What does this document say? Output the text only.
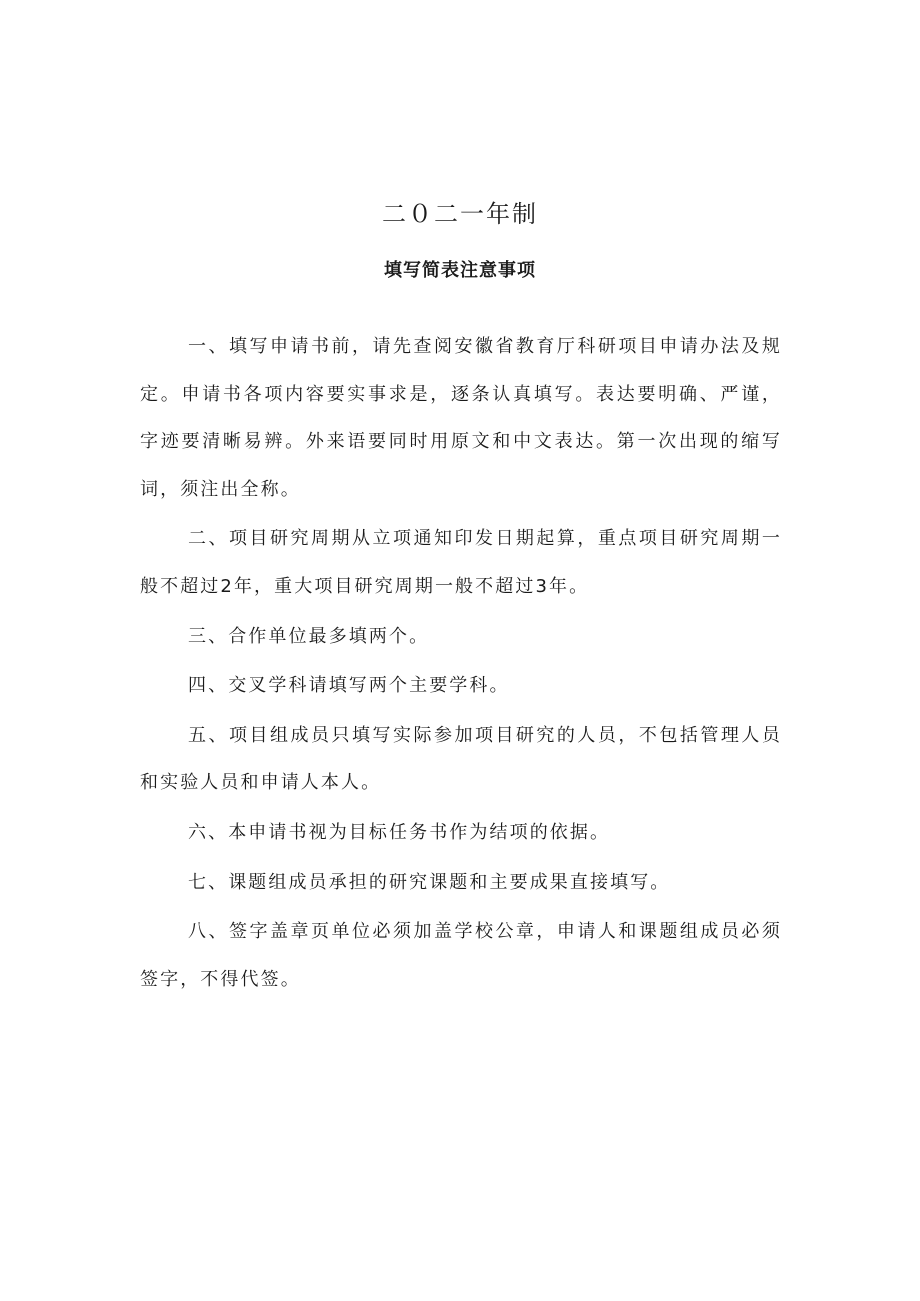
二０二一年制
填写简表注意事项

一、填写申请书前，请先查阅安徽省教育厅科研项目申请办法及规定。申请书各项内容要实事求是，逐条认真填写。表达要明确、严谨，字迹要清晰易辨。外来语要同时用原文和中文表达。第一次出现的缩写词，须注出全称。

二、项目研究周期从立项通知印发日期起算，重点项目研究周期一般不超过2年，重大项目研究周期一般不超过3年。

三、合作单位最多填两个。

四、交叉学科请填写两个主要学科。

五、项目组成员只填写实际参加项目研究的人员，不包括管理人员和实验人员和申请人本人。

六、本申请书视为目标任务书作为结项的依据。

七、课题组成员承担的研究课题和主要成果直接填写。

八、签字盖章页单位必须加盖学校公章，申请人和课题组成员必须签字，不得代签。
